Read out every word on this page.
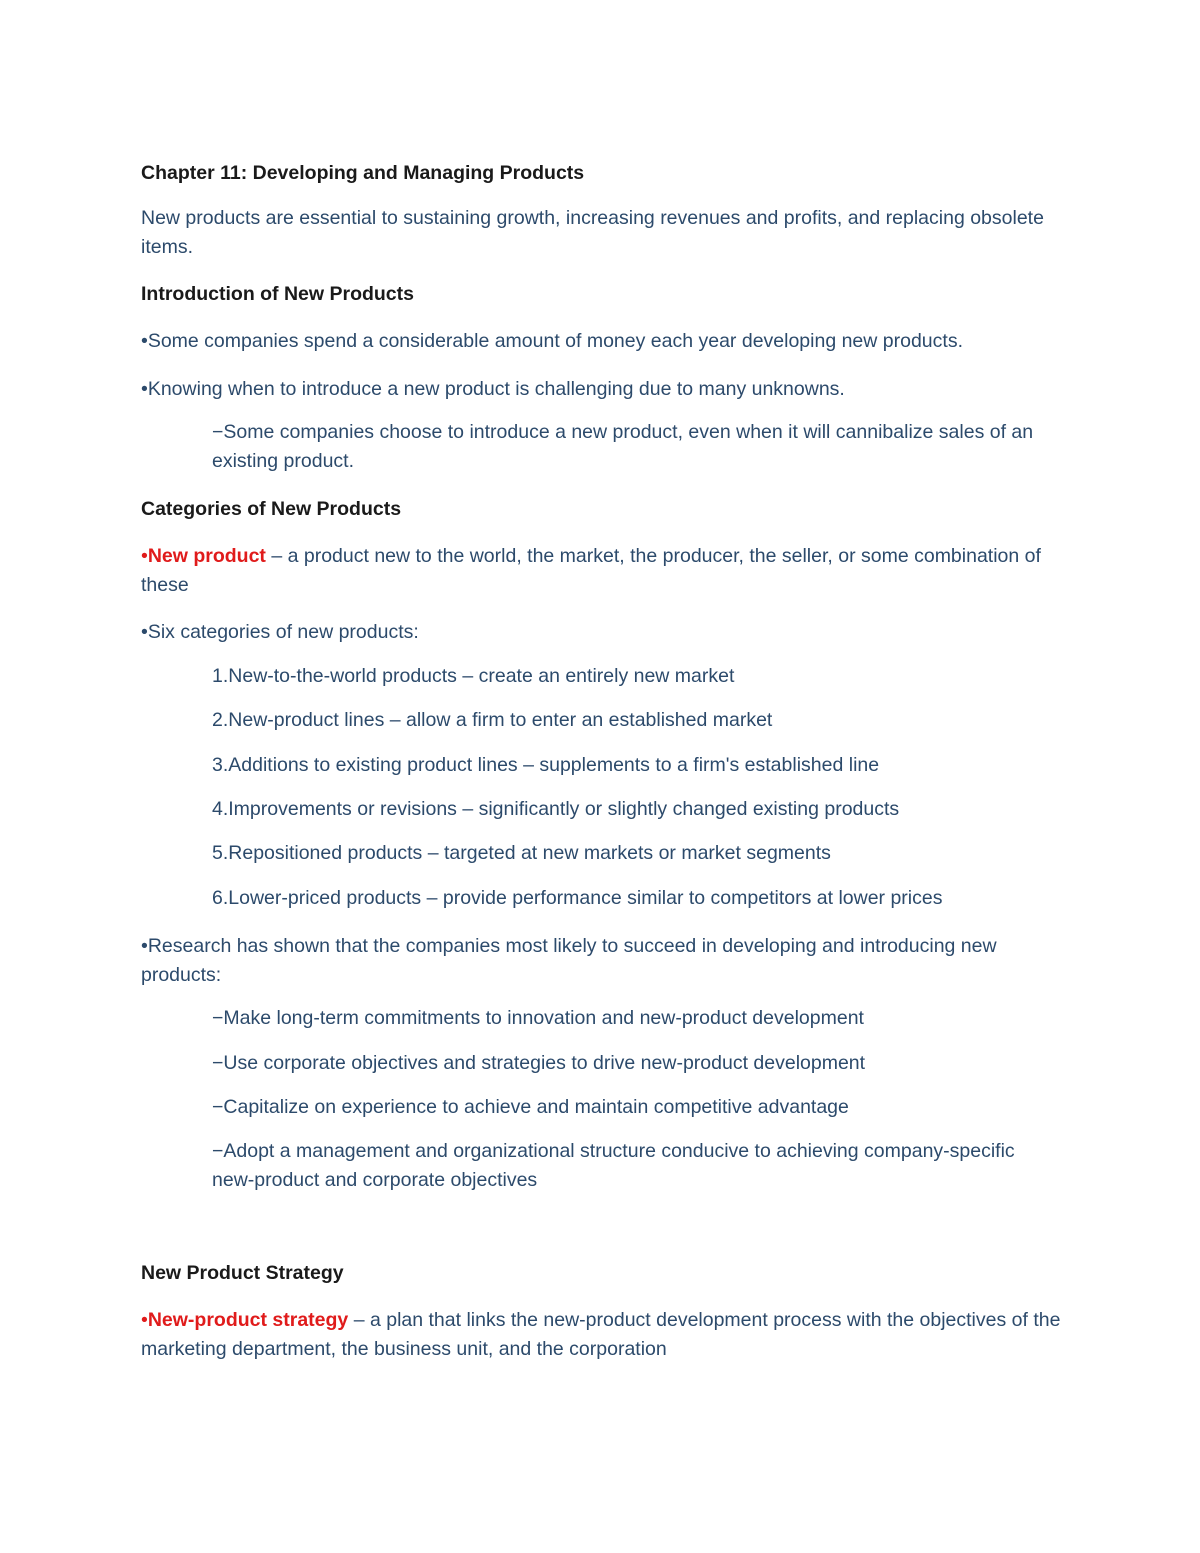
Chapter 11: Developing and Managing Products

New products are essential to sustaining growth, increasing revenues and profits, and replacing obsolete items.

Introduction of New Products

•Some companies spend a considerable amount of money each year developing new products.

•Knowing when to introduce a new product is challenging due to many unknowns.

−Some companies choose to introduce a new product, even when it will cannibalize sales of an existing product.

Categories of New Products

•New product – a product new to the world, the market, the producer, the seller, or some combination of these

•Six categories of new products:

1.New-to-the-world products – create an entirely new market

2.New-product lines – allow a firm to enter an established market

3.Additions to existing product lines – supplements to a firm's established line

4.Improvements or revisions – significantly or slightly changed existing products

5.Repositioned products – targeted at new markets or market segments

6.Lower-priced products – provide performance similar to competitors at lower prices

•Research has shown that the companies most likely to succeed in developing and introducing new products:

−Make long-term commitments to innovation and new-product development

−Use corporate objectives and strategies to drive new-product development

−Capitalize on experience to achieve and maintain competitive advantage

−Adopt a management and organizational structure conducive to achieving company-specific new-product and corporate objectives

New Product Strategy

•New-product strategy – a plan that links the new-product development process with the objectives of the marketing department, the business unit, and the corporation
